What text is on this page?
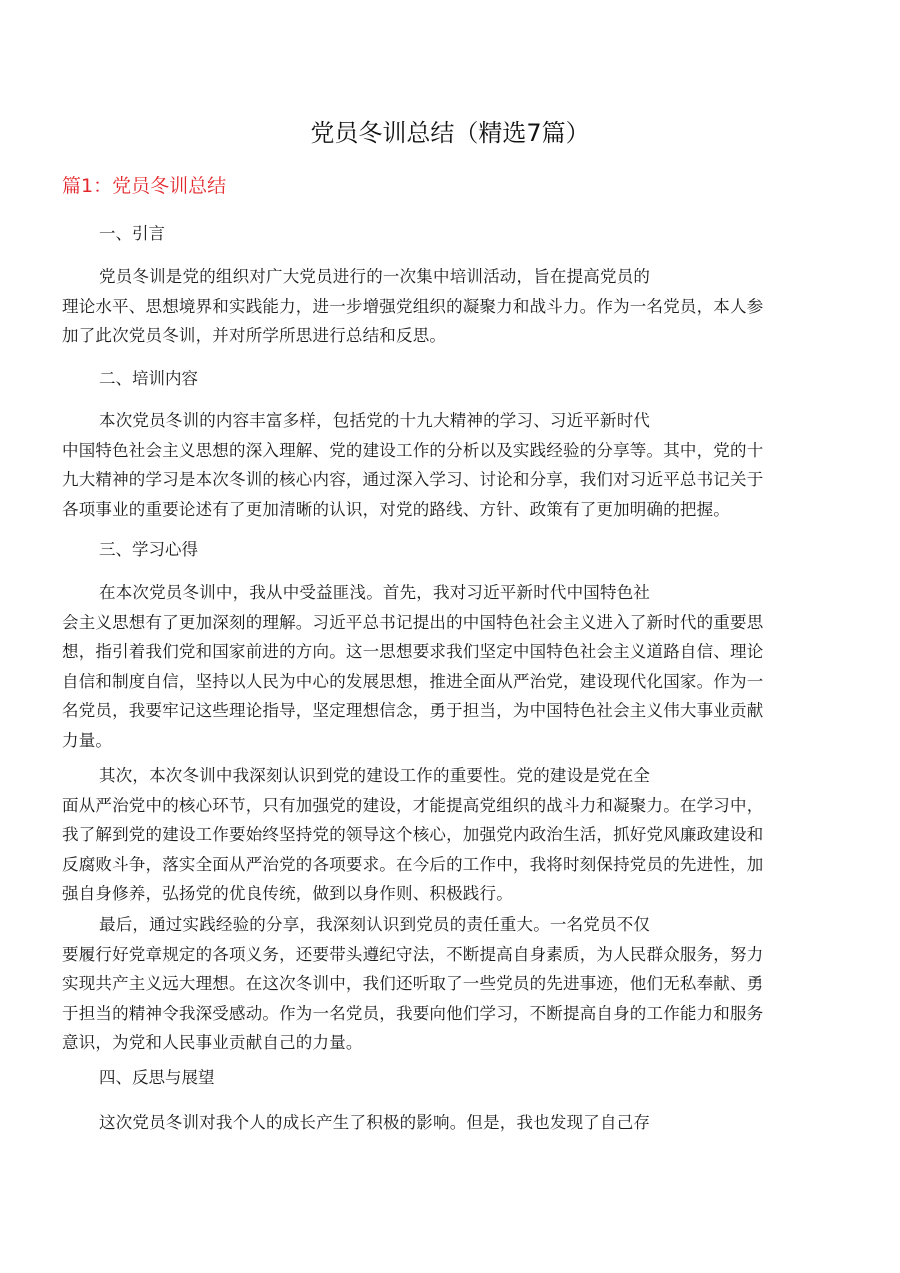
党员冬训总结（精选7篇）
篇1：党员冬训总结
一、引言

党员冬训是党的组织对广大党员进行的一次集中培训活动，旨在提高党员的

理论水平、思想境界和实践能力，进一步增强党组织的凝聚力和战斗力。作为一名党员，本人参

加了此次党员冬训，并对所学所思进行总结和反思。

二、培训内容

本次党员冬训的内容丰富多样，包括党的十九大精神的学习、习近平新时代

中国特色社会主义思想的深入理解、党的建设工作的分析以及实践经验的分享等。其中，党的十

九大精神的学习是本次冬训的核心内容，通过深入学习、讨论和分享，我们对习近平总书记关于

各项事业的重要论述有了更加清晰的认识，对党的路线、方针、政策有了更加明确的把握。

三、学习心得

在本次党员冬训中，我从中受益匪浅。首先，我对习近平新时代中国特色社

会主义思想有了更加深刻的理解。习近平总书记提出的中国特色社会主义进入了新时代的重要思

想，指引着我们党和国家前进的方向。这一思想要求我们坚定中国特色社会主义道路自信、理论

自信和制度自信，坚持以人民为中心的发展思想，推进全面从严治党，建设现代化国家。作为一

名党员，我要牢记这些理论指导，坚定理想信念，勇于担当，为中国特色社会主义伟大事业贡献

力量。

其次，本次冬训中我深刻认识到党的建设工作的重要性。党的建设是党在全

面从严治党中的核心环节，只有加强党的建设，才能提高党组织的战斗力和凝聚力。在学习中，

我了解到党的建设工作要始终坚持党的领导这个核心，加强党内政治生活，抓好党风廉政建设和

反腐败斗争，落实全面从严治党的各项要求。在今后的工作中，我将时刻保持党员的先进性，加

强自身修养，弘扬党的优良传统，做到以身作则、积极践行。

最后，通过实践经验的分享，我深刻认识到党员的责任重大。一名党员不仅

要履行好党章规定的各项义务，还要带头遵纪守法，不断提高自身素质，为人民群众服务，努力

实现共产主义远大理想。在这次冬训中，我们还听取了一些党员的先进事迹，他们无私奉献、勇

于担当的精神令我深受感动。作为一名党员，我要向他们学习，不断提高自身的工作能力和服务

意识，为党和人民事业贡献自己的力量。

四、反思与展望

这次党员冬训对我个人的成长产生了积极的影响。但是，我也发现了自己存
